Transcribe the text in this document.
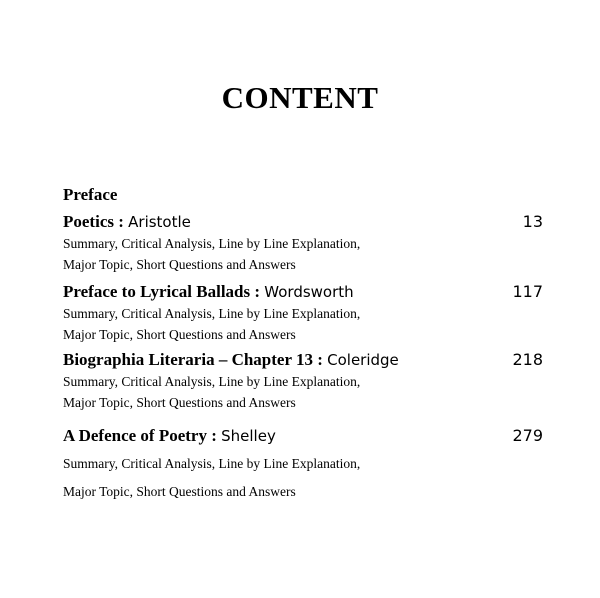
CONTENT
Preface
Poetics : Aristotle	13
Summary, Critical Analysis, Line by Line Explanation,
Major Topic, Short Questions and Answers
Preface to Lyrical Ballads : Wordsworth	117
Summary, Critical Analysis, Line by Line Explanation,
Major Topic, Short Questions and Answers
Biographia Literaria – Chapter 13 : Coleridge	218
Summary, Critical Analysis, Line by Line Explanation,
Major Topic, Short Questions and Answers
A Defence of Poetry : Shelley	279
Summary, Critical Analysis, Line by Line Explanation,
Major Topic, Short Questions and Answers
